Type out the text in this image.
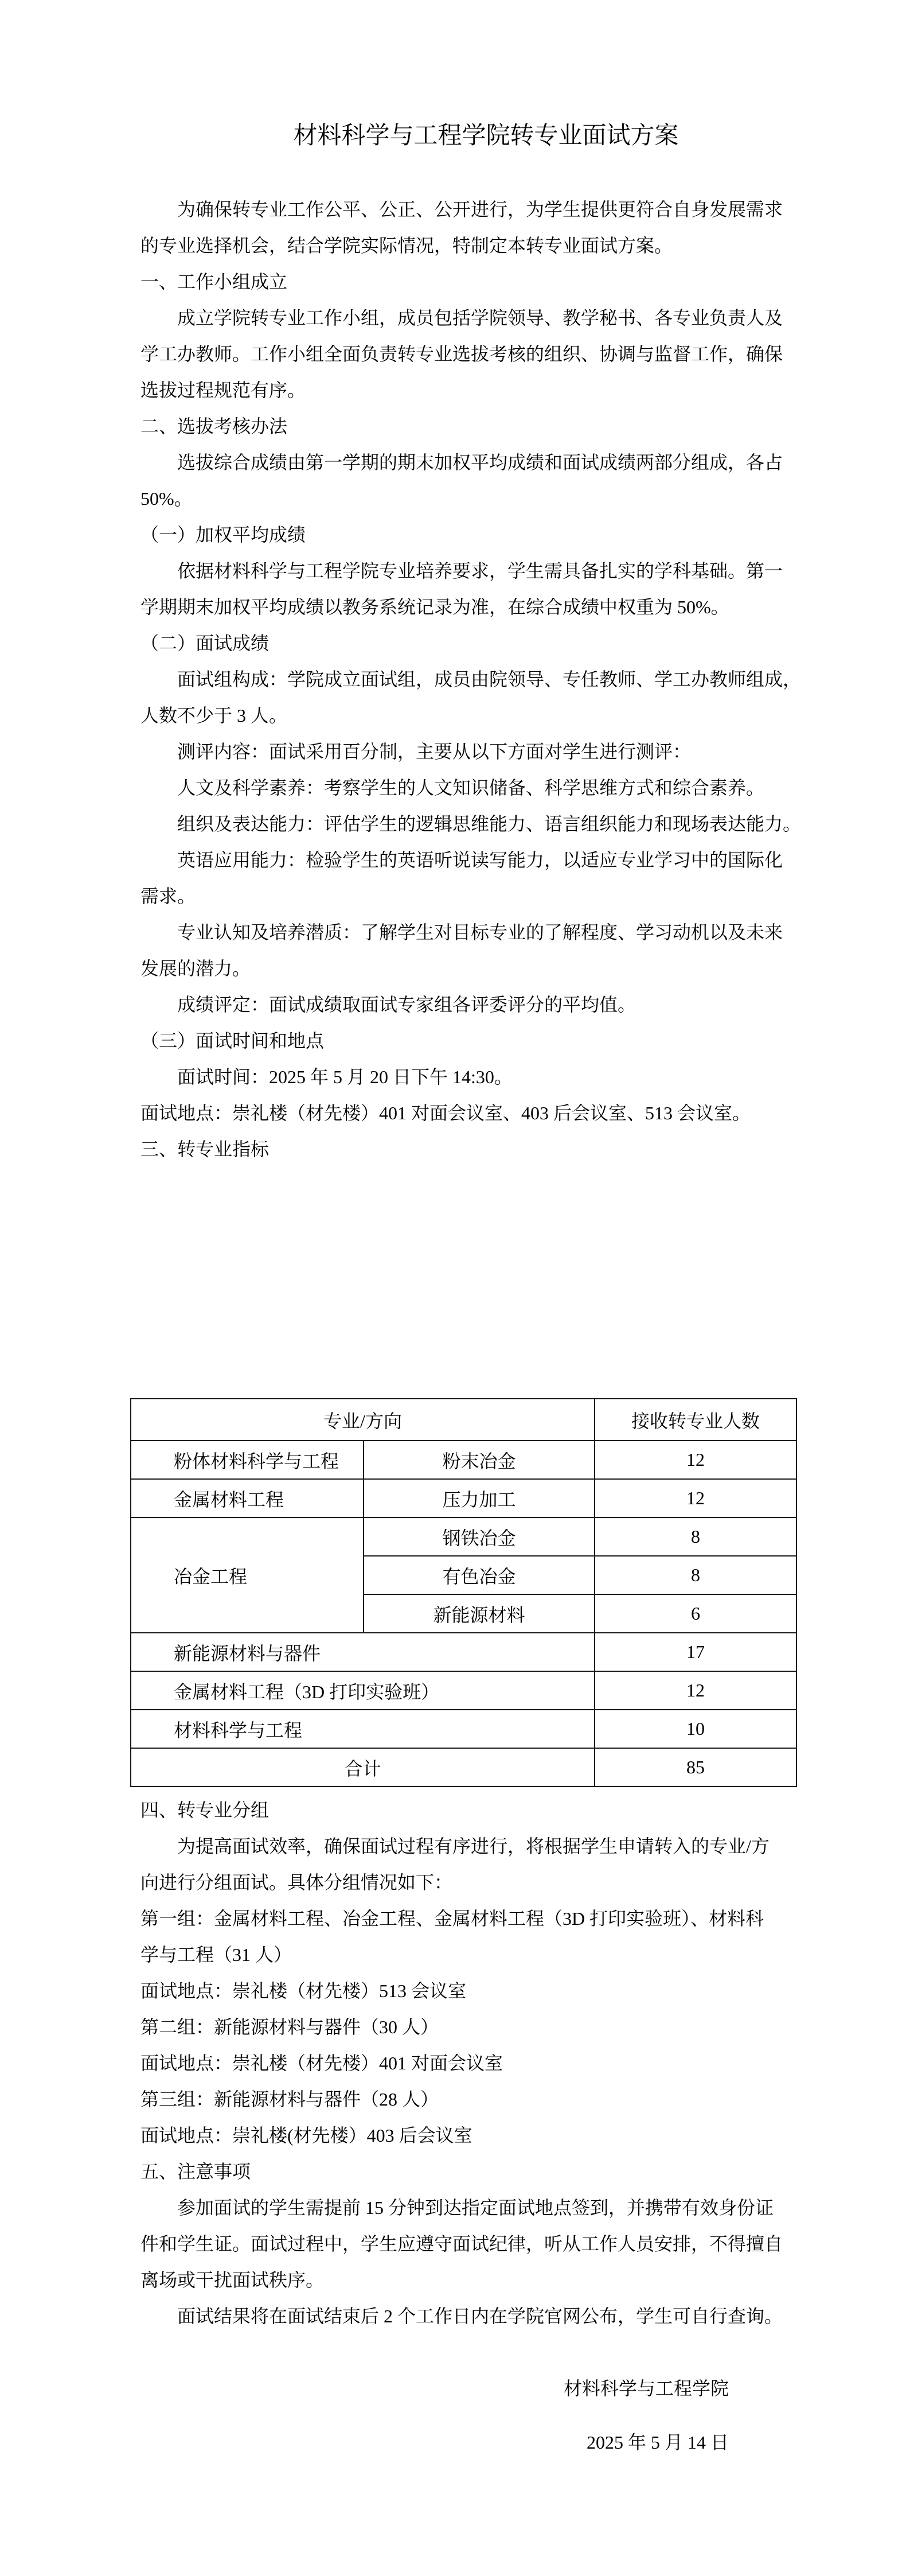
材料科学与工程学院转专业面试方案
为确保转专业工作公平、公正、公开进行，为学生提供更符合自身发展需求
的专业选择机会，结合学院实际情况，特制定本转专业面试方案。
一、工作小组成立
成立学院转专业工作小组，成员包括学院领导、教学秘书、各专业负责人及
学工办教师。工作小组全面负责转专业选拔考核的组织、协调与监督工作，确保
选拔过程规范有序。
二、选拔考核办法
选拔综合成绩由第一学期的期末加权平均成绩和面试成绩两部分组成，各占
50%。
（一）加权平均成绩
依据材料科学与工程学院专业培养要求，学生需具备扎实的学科基础。第一
学期期末加权平均成绩以教务系统记录为准，在综合成绩中权重为 50%。
（二）面试成绩
面试组构成：学院成立面试组，成员由院领导、专任教师、学工办教师组成，
人数不少于 3 人。
测评内容：面试采用百分制，主要从以下方面对学生进行测评：
人文及科学素养：考察学生的人文知识储备、科学思维方式和综合素养。
组织及表达能力：评估学生的逻辑思维能力、语言组织能力和现场表达能力。
英语应用能力：检验学生的英语听说读写能力，以适应专业学习中的国际化
需求。
专业认知及培养潜质：了解学生对目标专业的了解程度、学习动机以及未来
发展的潜力。
成绩评定：面试成绩取面试专家组各评委评分的平均值。
（三）面试时间和地点
面试时间：2025 年 5 月 20 日下午 14:30。
面试地点：崇礼楼（材先楼）401 对面会议室、403 后会议室、513 会议室。
三、转专业指标
专业/方向		接收转专业人数
粉体材料科学与工程	粉末冶金	12
金属材料工程	压力加工	12
冶金工程	钢铁冶金	8
	有色冶金	8
	新能源材料	6
新能源材料与器件		17
金属材料工程（3D 打印实验班）		12
材料科学与工程		10
合计		85
四、转专业分组
为提高面试效率，确保面试过程有序进行，将根据学生申请转入的专业/方
向进行分组面试。具体分组情况如下：
第一组：金属材料工程、冶金工程、金属材料工程（3D 打印实验班）、材料科
学与工程（31 人）
面试地点：崇礼楼（材先楼）513 会议室
第二组：新能源材料与器件（30 人）
面试地点：崇礼楼（材先楼）401 对面会议室
第三组：新能源材料与器件（28 人）
面试地点：崇礼楼(材先楼）403 后会议室
五、注意事项
参加面试的学生需提前 15 分钟到达指定面试地点签到，并携带有效身份证
件和学生证。面试过程中，学生应遵守面试纪律，听从工作人员安排，不得擅自
离场或干扰面试秩序。
面试结果将在面试结束后 2 个工作日内在学院官网公布，学生可自行查询。
材料科学与工程学院
2025 年 5 月 14 日
